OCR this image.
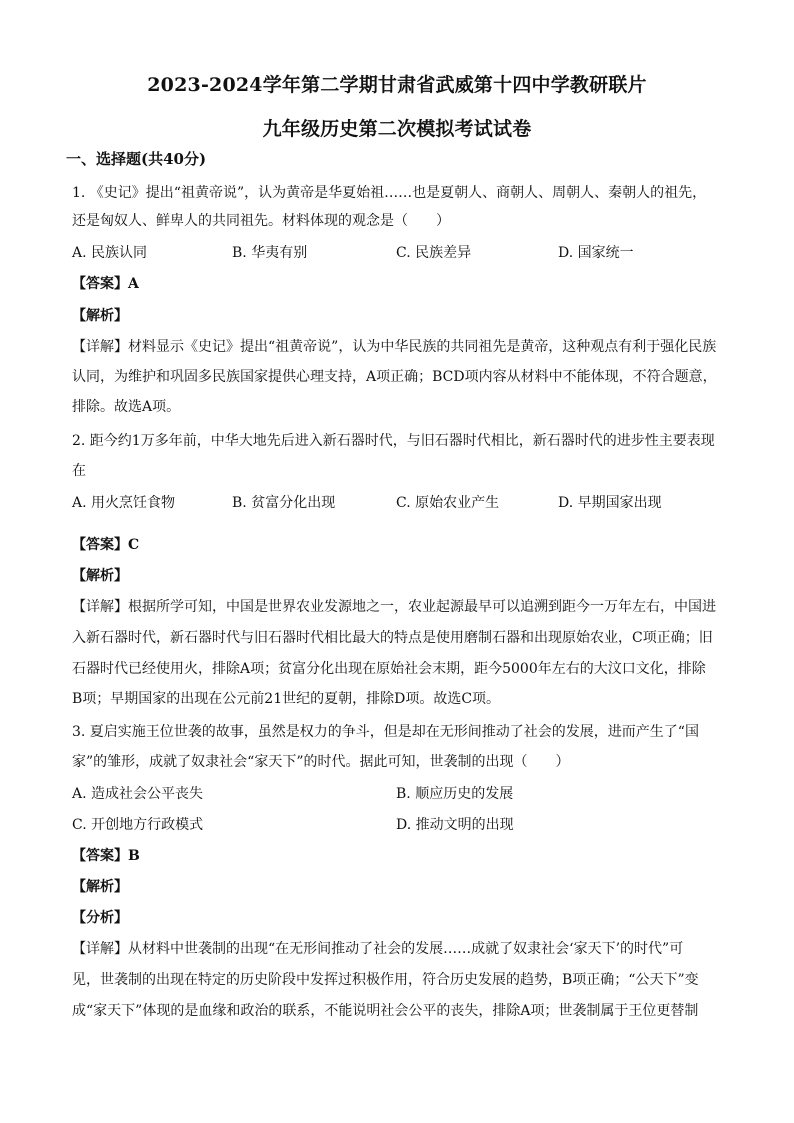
2023-2024学年第二学期甘肃省武威第十四中学教研联片
九年级历史第二次模拟考试试卷
一、选择题(共40分)
1. 《史记》提出“祖黄帝说”，认为黄帝是华夏始祖……也是夏朝人、商朝人、周朝人、秦朝人的祖先，
还是匈奴人、鲜卑人的共同祖先。材料体现的观念是（　　）
A. 民族认同	B. 华夷有别	C. 民族差异	D. 国家统一
【答案】A
【解析】
【详解】材料显示《史记》提出“祖黄帝说”，认为中华民族的共同祖先是黄帝，这种观点有利于强化民族
认同，为维护和巩固多民族国家提供心理支持，A项正确；BCD项内容从材料中不能体现，不符合题意，
排除。故选A项。
2. 距今约1万多年前，中华大地先后进入新石器时代，与旧石器时代相比，新石器时代的进步性主要表现
在
A. 用火烹饪食物	B. 贫富分化出现	C. 原始农业产生	D. 早期国家出现
【答案】C
【解析】
【详解】根据所学可知，中国是世界农业发源地之一，农业起源最早可以追溯到距今一万年左右，中国进
入新石器时代，新石器时代与旧石器时代相比最大的特点是使用磨制石器和出现原始农业，C项正确；旧
石器时代已经使用火，排除A项；贫富分化出现在原始社会末期，距今5000年左右的大汶口文化，排除
B项；早期国家的出现在公元前21世纪的夏朝，排除D项。故选C项。
3. 夏启实施王位世袭的故事，虽然是权力的争斗，但是却在无形间推动了社会的发展，进而产生了“国
家”的雏形，成就了奴隶社会“家天下”的时代。据此可知，世袭制的出现（　　）
A. 造成社会公平丧失	B. 顺应历史的发展
C. 开创地方行政模式	D. 推动文明的出现
【答案】B
【解析】
【分析】
【详解】从材料中世袭制的出现“在无形间推动了社会的发展……成就了奴隶社会‘家天下’的时代”可
见，世袭制的出现在特定的历史阶段中发挥过积极作用，符合历史发展的趋势，B项正确；“公天下”变
成“家天下”体现的是血缘和政治的联系，不能说明社会公平的丧失，排除A项；世袭制属于王位更替制
